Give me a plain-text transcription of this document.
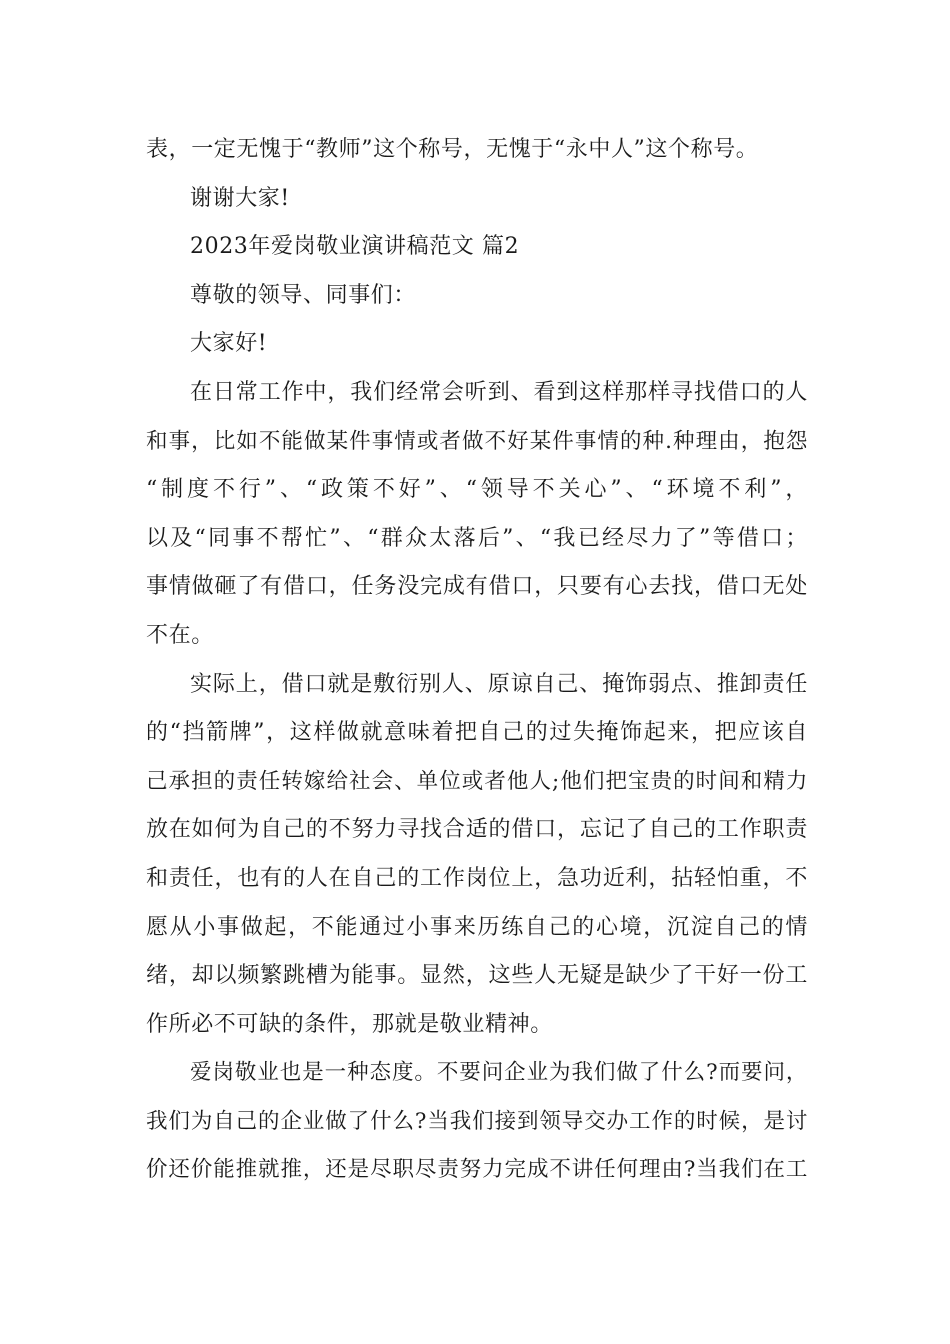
表，一定无愧于“教师”这个称号，无愧于“永中人”这个称号。

谢谢大家!

2023年爱岗敬业演讲稿范文 篇2

尊敬的领导、同事们：

大家好!

在日常工作中，我们经常会听到、看到这样那样寻找借口的人

和事，比如不能做某件事情或者做不好某件事情的种.种理由，抱怨

“制度不行”、“政策不好”、“领导不关心”、“环境不利”，

以及“同事不帮忙”、“群众太落后”、“我已经尽力了”等借口；

事情做砸了有借口，任务没完成有借口，只要有心去找，借口无处

不在。

实际上，借口就是敷衍别人、原谅自己、掩饰弱点、推卸责任

的“挡箭牌”，这样做就意味着把自己的过失掩饰起来，把应该自

己承担的责任转嫁给社会、单位或者他人;他们把宝贵的时间和精力

放在如何为自己的不努力寻找合适的借口，忘记了自己的工作职责

和责任，也有的人在自己的工作岗位上，急功近利，拈轻怕重，不

愿从小事做起，不能通过小事来历练自己的心境，沉淀自己的情

绪，却以频繁跳槽为能事。显然，这些人无疑是缺少了干好一份工

作所必不可缺的条件，那就是敬业精神。

爱岗敬业也是一种态度。不要问企业为我们做了什么?而要问，

我们为自己的企业做了什么?当我们接到领导交办工作的时候，是讨

价还价能推就推，还是尽职尽责努力完成不讲任何理由?当我们在工
